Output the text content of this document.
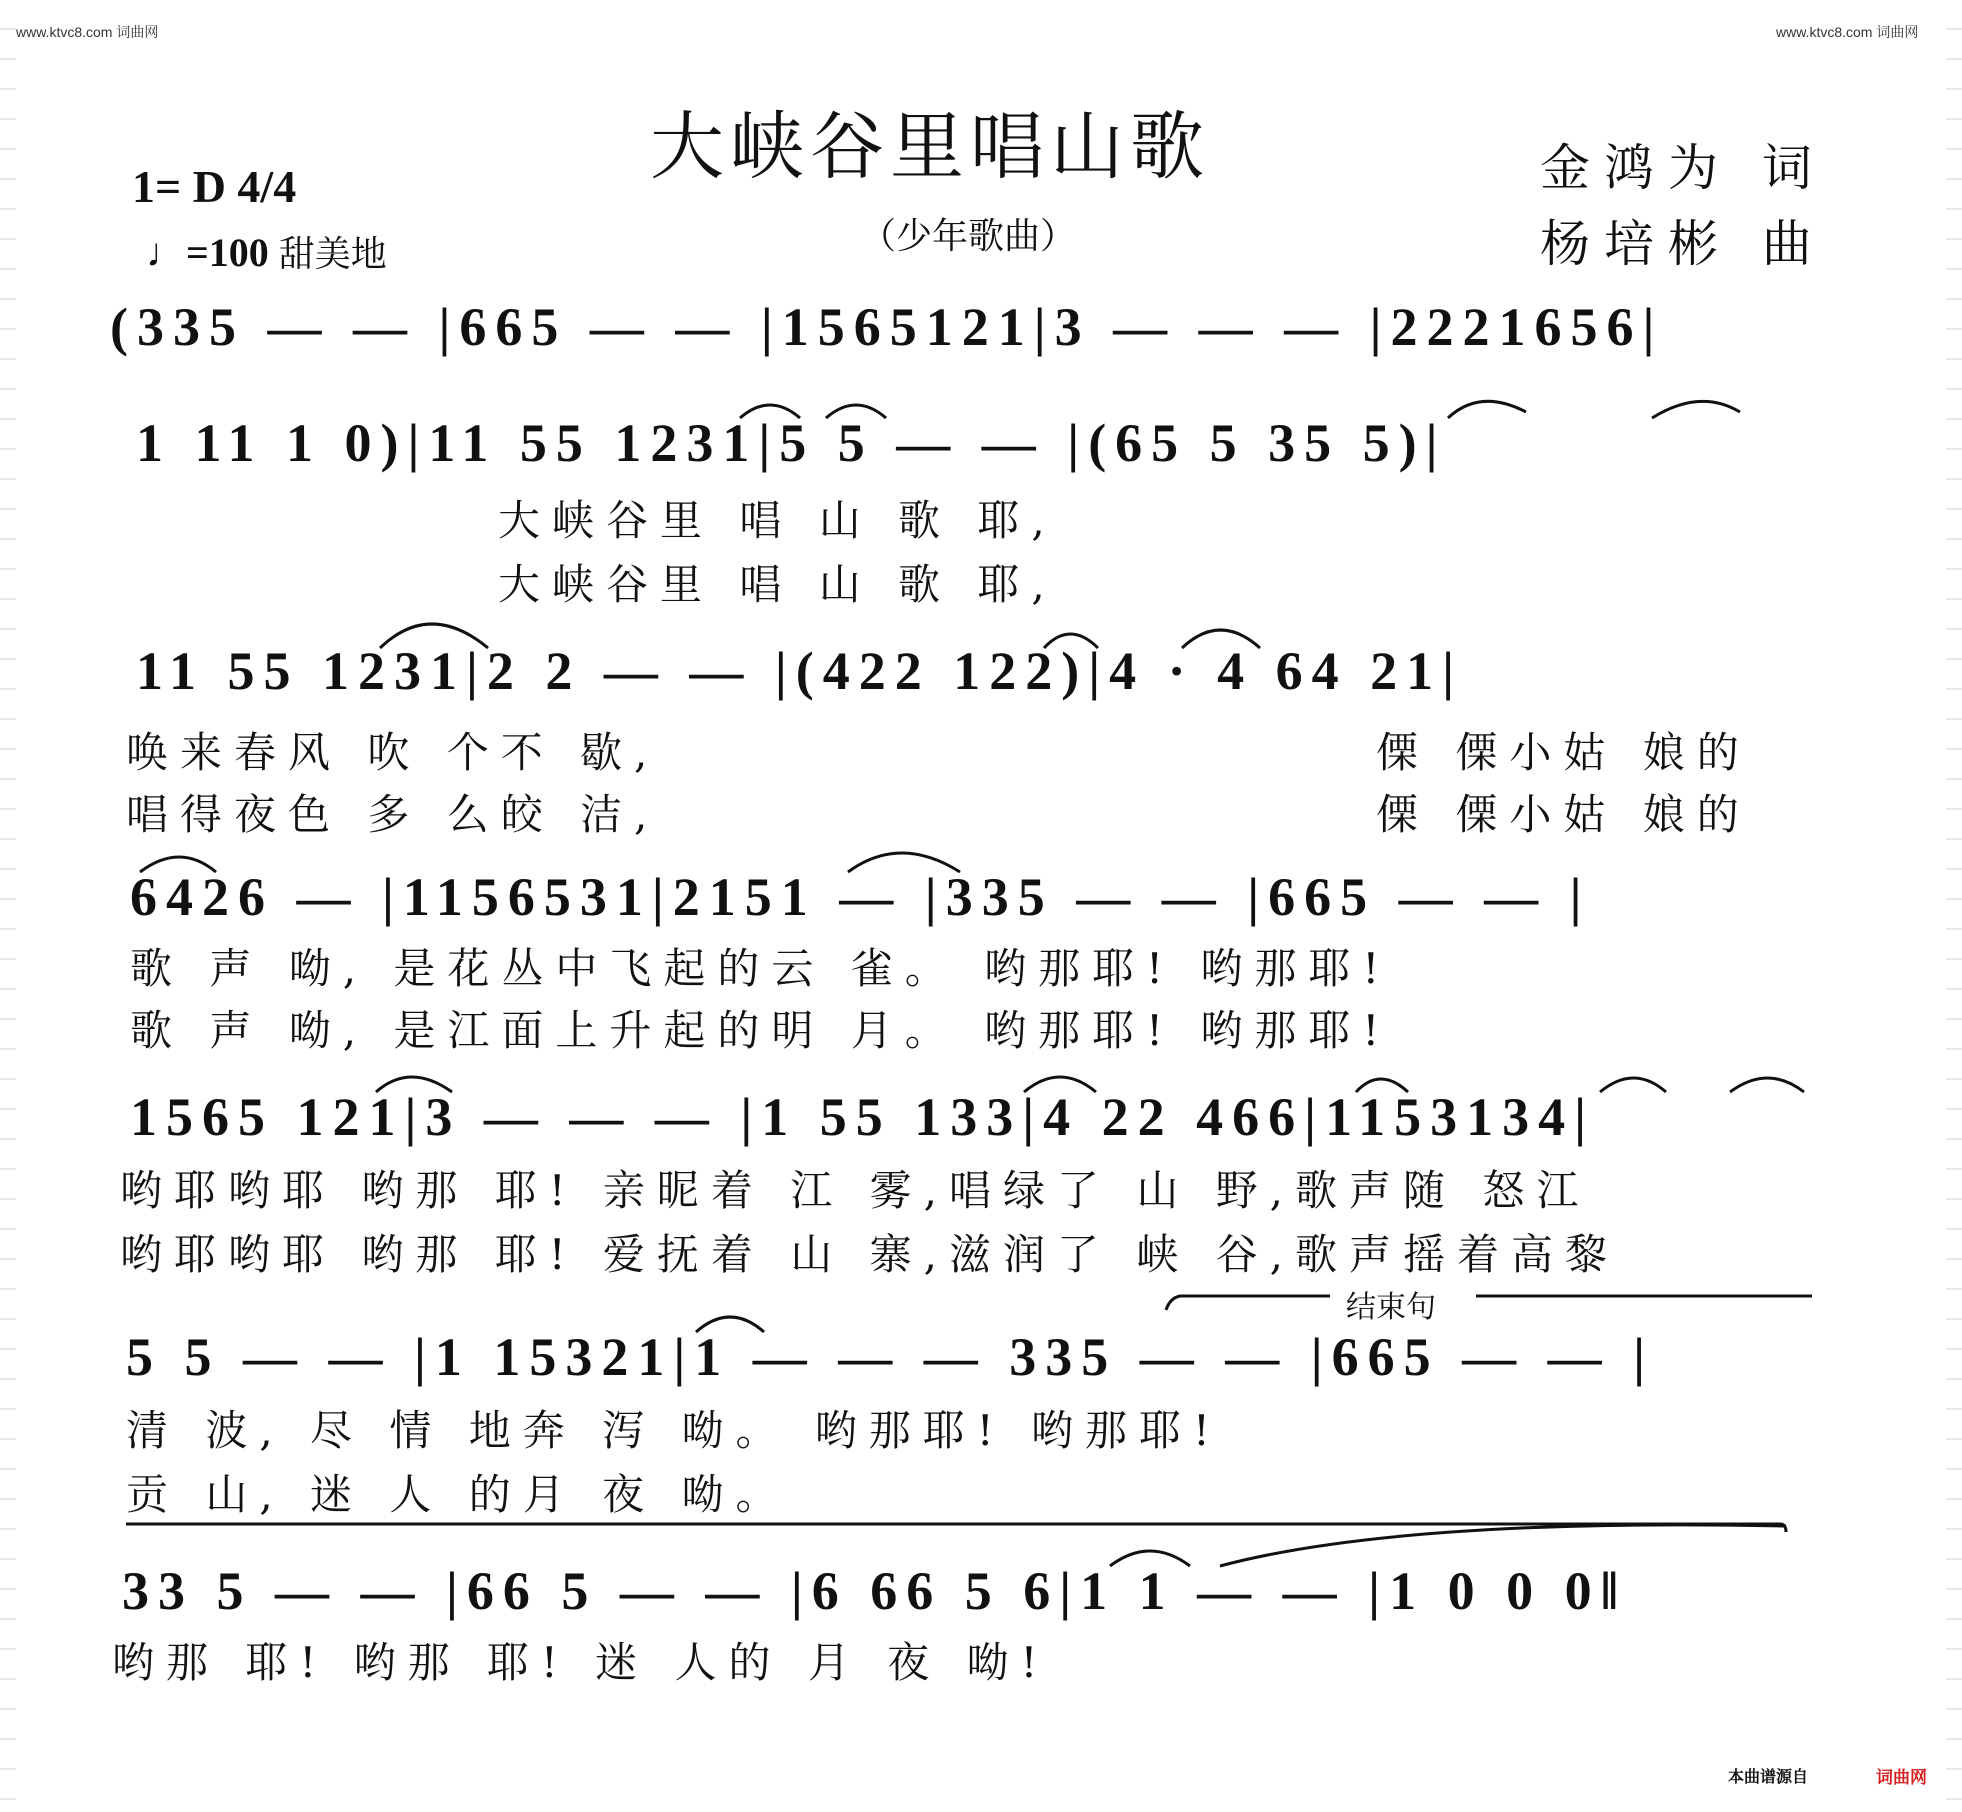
www.ktvc8.com 词曲网	www.ktvc8.com 词曲网
大峡谷里唱山歌
（少年歌曲）
1= D 4/4
♩=100 甜美地
金鸿为 词
杨培彬 曲
(335 — — |665 — — |1565121|3 — — — |2221656|
1 11 1 0)|11 55 1231|5 5 — — |(65 5 35 5)|
大峡谷里 唱 山 歌 耶,
大峡谷里 唱 山 歌 耶,
11 55 1231|2 2 — — |(422 122)|4 · 4 64 21|
唤来春风 吹 个不 歇,	傈 傈小姑 娘的
唱得夜色 多 么皎 洁,	傈 傈小姑 娘的
6426 — |1156531|2151 — |335 — — |665 — — |
歌 声 呦, 是花丛中飞起的云 雀。 哟那耶! 哟那耶!
歌 声 呦, 是江面上升起的明 月。 哟那耶! 哟那耶!
1565 121|3 — — — |1 55 133|4 22 466|1153134|
哟耶哟耶 哟那 耶! 亲昵着 江 雾,唱绿了 山 野,歌声随 怒江
哟耶哟耶 哟那 耶! 爱抚着 山 寨,滋润了 峡 谷,歌声摇着高黎
结束句
5 5 — — |1 15321|1 — — — 335 — — |665 — — |
清 波, 尽 情 地奔 泻 呦。 哟那耶! 哟那耶!
贡 山, 迷 人 的月 夜 呦。
33 5 — — |66 5 — — |6 66 5 6|1 1 — — |1 0 0 0‖
哟那 耶! 哟那 耶! 迷 人的 月 夜 呦!
本曲谱源自	词曲网
